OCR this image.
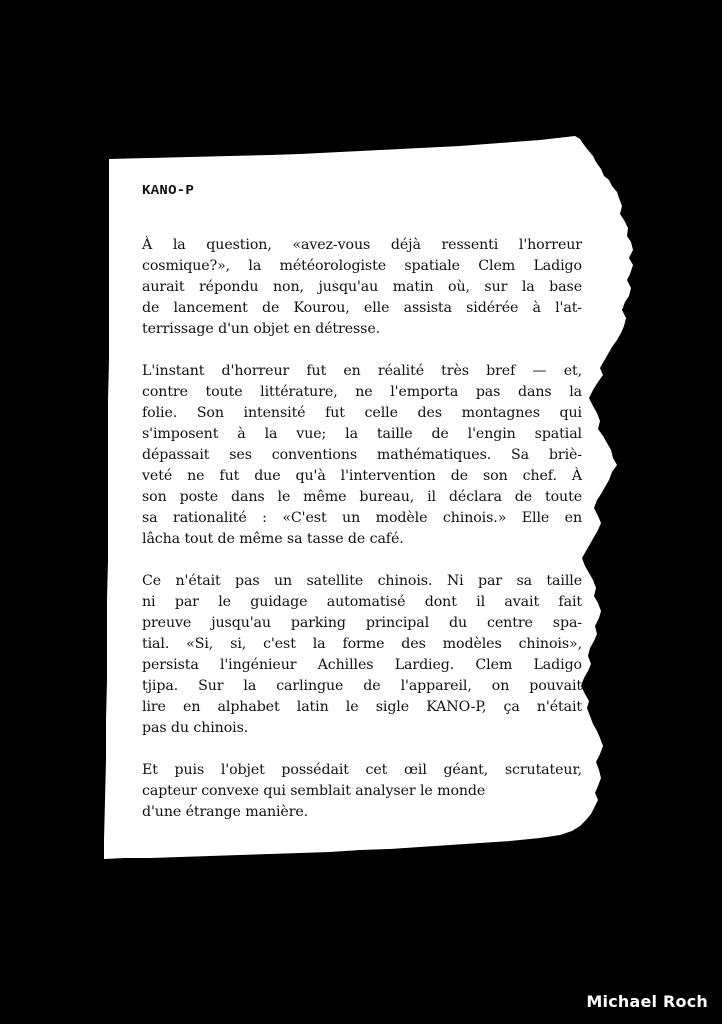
KANO-P
À la question, «avez-vous déjà ressenti l'horreur
cosmique?», la météorologiste spatiale Clem Ladigo
aurait répondu non, jusqu'au matin où, sur la base
de lancement de Kourou, elle assista sidérée à l'at-
terrissage d'un objet en détresse.
L'instant d'horreur fut en réalité très bref — et,
contre toute littérature, ne l'emporta pas dans la
folie. Son intensité fut celle des montagnes qui
s'imposent à la vue; la taille de l'engin spatial
dépassait ses conventions mathématiques. Sa briè-
veté ne fut due qu'à l'intervention de son chef. À
son poste dans le même bureau, il déclara de toute
sa rationalité : «C'est un modèle chinois.» Elle en
lâcha tout de même sa tasse de café.
Ce n'était pas un satellite chinois. Ni par sa taille
ni par le guidage automatisé dont il avait fait
preuve jusqu'au parking principal du centre spa-
tial. «Si, si, c'est la forme des modèles chinois»,
persista l'ingénieur Achilles Lardieg. Clem Ladigo
tjipa. Sur la carlingue de l'appareil, on pouvait
lire en alphabet latin le sigle KANO-P, ça n'était
pas du chinois.
Et puis l'objet possédait cet œil géant, scrutateur,
capteur convexe qui semblait analyser le monde
d'une étrange manière.
Michael Roch
